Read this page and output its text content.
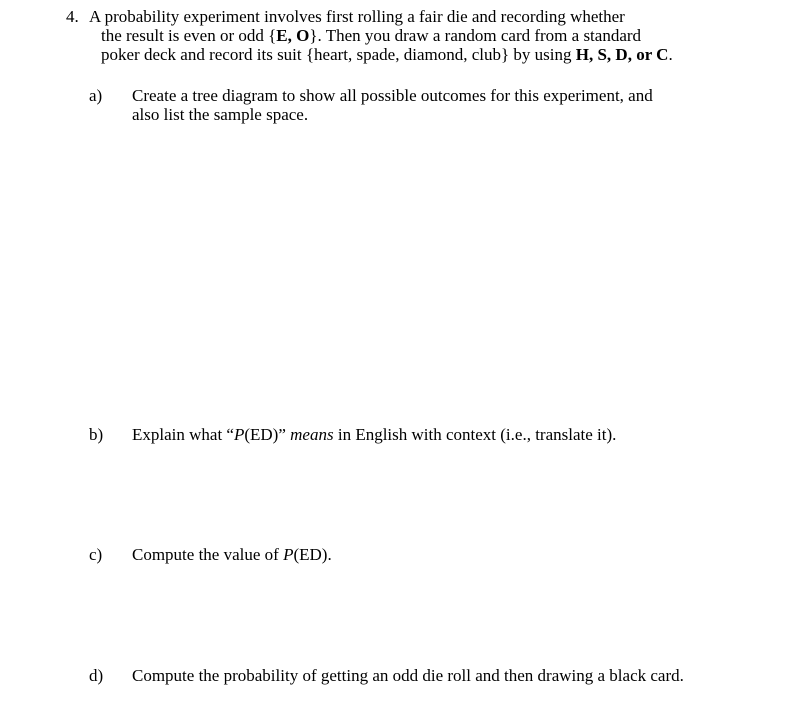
4. A probability experiment involves first rolling a fair die and recording whether
the result is even or odd {E, O}. Then you draw a random card from a standard
poker deck and record its suit {heart, spade, diamond, club} by using H, S, D, or C.
a) Create a tree diagram to show all possible outcomes for this experiment, and
also list the sample space.
b) Explain what “P(ED)” means in English with context (i.e., translate it).
c) Compute the value of P(ED).
d) Compute the probability of getting an odd die roll and then drawing a black card.
